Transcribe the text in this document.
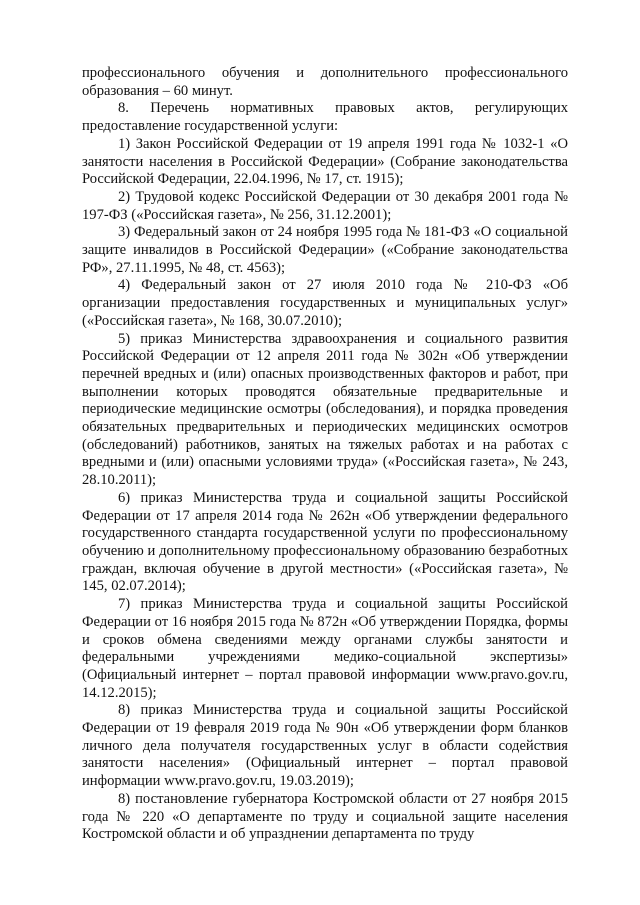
профессионального обучения и дополнительного профессионального образования – 60 минут.

8. Перечень нормативных правовых актов, регулирующих предоставление государственной услуги:

1) Закон Российской Федерации от 19 апреля 1991 года № 1032-1 «О занятости населения в Российской Федерации» (Собрание законодательства Российской Федерации, 22.04.1996, № 17, ст. 1915);

2) Трудовой кодекс Российской Федерации от 30 декабря 2001 года № 197-ФЗ («Российская газета», № 256, 31.12.2001);

3) Федеральный закон от 24 ноября 1995 года № 181-ФЗ «О социальной защите инвалидов в Российской Федерации» («Собрание законодательства РФ», 27.11.1995, № 48, ст. 4563);

4) Федеральный закон от 27 июля 2010 года № 210-ФЗ «Об организации предоставления государственных и муниципальных услуг» («Российская газета», № 168, 30.07.2010);

5) приказ Министерства здравоохранения и социального развития Российской Федерации от 12 апреля 2011 года № 302н «Об утверждении перечней вредных и (или) опасных производственных факторов и работ, при выполнении которых проводятся обязательные предварительные и периодические медицинские осмотры (обследования), и порядка проведения обязательных предварительных и периодических медицинских осмотров (обследований) работников, занятых на тяжелых работах и на работах с вредными и (или) опасными условиями труда» («Российская газета», № 243, 28.10.2011);

6) приказ Министерства труда и социальной защиты Российской Федерации от 17 апреля 2014 года № 262н «Об утверждении федерального государственного стандарта государственной услуги по профессиональному обучению и дополнительному профессиональному образованию безработных граждан, включая обучение в другой местности» («Российская газета», № 145, 02.07.2014);

7) приказ Министерства труда и социальной защиты Российской Федерации от 16 ноября 2015 года № 872н «Об утверждении Порядка, формы и сроков обмена сведениями между органами службы занятости и федеральными учреждениями медико-социальной экспертизы» (Официальный интернет – портал правовой информации www.pravo.gov.ru, 14.12.2015);

8) приказ Министерства труда и социальной защиты Российской Федерации от 19 февраля 2019 года № 90н «Об утверждении форм бланков личного дела получателя государственных услуг в области содействия занятости населения» (Официальный интернет – портал правовой информации www.pravo.gov.ru, 19.03.2019);

8) постановление губернатора Костромской области от 27 ноября 2015 года № 220 «О департаменте по труду и социальной защите населения Костромской области и об упразднении департамента по труду
